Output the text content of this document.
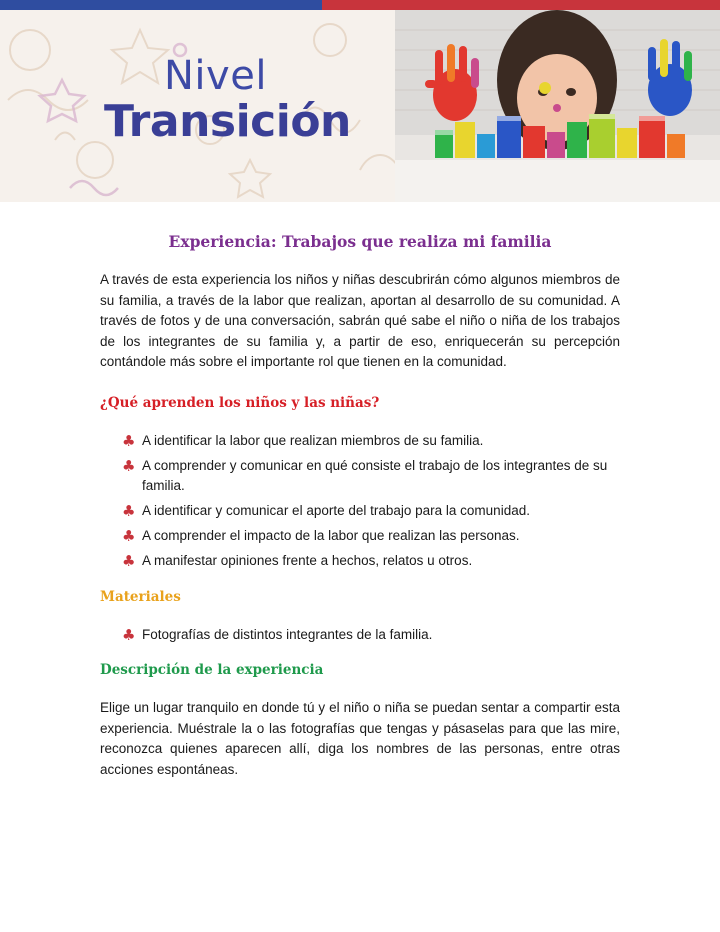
Nivel
Transición
Experiencia: Trabajos que realiza mi familia

A través de esta experiencia los niños y niñas descubrirán cómo algunos miembros de su familia, a través de la labor que realizan, aportan al desarrollo de su comunidad. A través de fotos y de una conversación, sabrán qué sabe el niño o niña de los trabajos de los integrantes de su familia y, a partir de eso, enriquecerán su percepción contándole más sobre el importante rol que tienen en la comunidad.

¿Qué aprenden los niños y las niñas?
♣ A identificar la labor que realizan miembros de su familia.
♣ A comprender y comunicar en qué consiste el trabajo de los integrantes de su familia.
♣ A identificar y comunicar el aporte del trabajo para la comunidad.
♣ A comprender el impacto de la labor que realizan las personas.
♣ A manifestar opiniones frente a hechos, relatos u otros.
Materiales
♣ Fotografías de distintos integrantes de la familia.
Descripción de la experiencia

Elige un lugar tranquilo en donde tú y el niño o niña se puedan sentar a compartir esta experiencia. Muéstrale la o las fotografías que tengas y pásaselas para que las mire, reconozca quienes aparecen allí, diga los nombres de las personas, entre otras acciones espontáneas.
